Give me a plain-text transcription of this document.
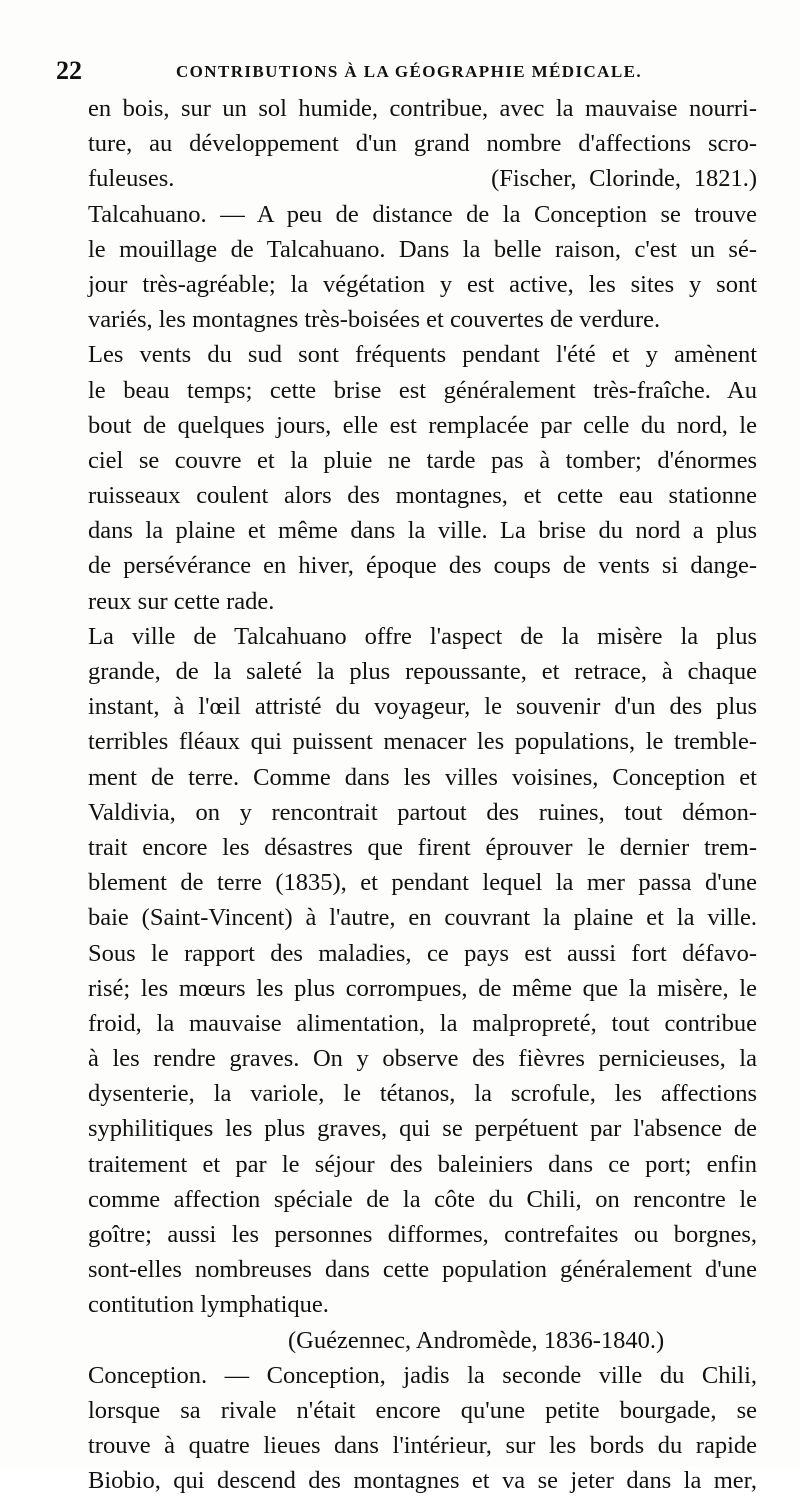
22	CONTRIBUTIONS À LA GÉOGRAPHIE MÉDICALE.
en bois, sur un sol humide, contribue, avec la mauvaise nourri-
ture, au développement d'un grand nombre d'affections scro-
fuleuses.                         (Fischer, Clorinde, 1821.)
Talcahuano. — A peu de distance de la Conception se trouve
le mouillage de Talcahuano. Dans la belle raison, c'est un sé-
jour très-agréable; la végétation y est active, les sites y sont
variés, les montagnes très-boisées et couvertes de verdure.
Les vents du sud sont fréquents pendant l'été et y amènent
le beau temps; cette brise est généralement très-fraîche. Au
bout de quelques jours, elle est remplacée par celle du nord, le
ciel se couvre et la pluie ne tarde pas à tomber; d'énormes
ruisseaux coulent alors des montagnes, et cette eau stationne
dans la plaine et même dans la ville. La brise du nord a plus
de persévérance en hiver, époque des coups de vents si dange-
reux sur cette rade.
La ville de Talcahuano offre l'aspect de la misère la plus
grande, de la saleté la plus repoussante, et retrace, à chaque
instant, à l'œil attristé du voyageur, le souvenir d'un des plus
terribles fléaux qui puissent menacer les populations, le tremble-
ment de terre. Comme dans les villes voisines, Conception et
Valdivia, on y rencontrait partout des ruines, tout démon-
trait encore les désastres que firent éprouver le dernier trem-
blement de terre (1835), et pendant lequel la mer passa d'une
baie (Saint-Vincent) à l'autre, en couvrant la plaine et la ville.
Sous le rapport des maladies, ce pays est aussi fort défavo-
risé; les mœurs les plus corrompues, de même que la misère, le
froid, la mauvaise alimentation, la malpropreté, tout contribue
à les rendre graves. On y observe des fièvres pernicieuses, la
dysenterie, la variole, le tétanos, la scrofule, les affections
syphilitiques les plus graves, qui se perpétuent par l'absence de
traitement et par le séjour des baleiniers dans ce port; enfin
comme affection spéciale de la côte du Chili, on rencontre le
goître; aussi les personnes difformes, contrefaites ou borgnes,
sont-elles nombreuses dans cette population généralement d'une
contitution lymphatique.
(Guézennec, Andromède, 1836-1840.)
Conception. — Conception, jadis la seconde ville du Chili,
lorsque sa rivale n'était encore qu'une petite bourgade, se
trouve à quatre lieues dans l'intérieur, sur les bords du rapide
Biobio, qui descend des montagnes et va se jeter dans la mer,
